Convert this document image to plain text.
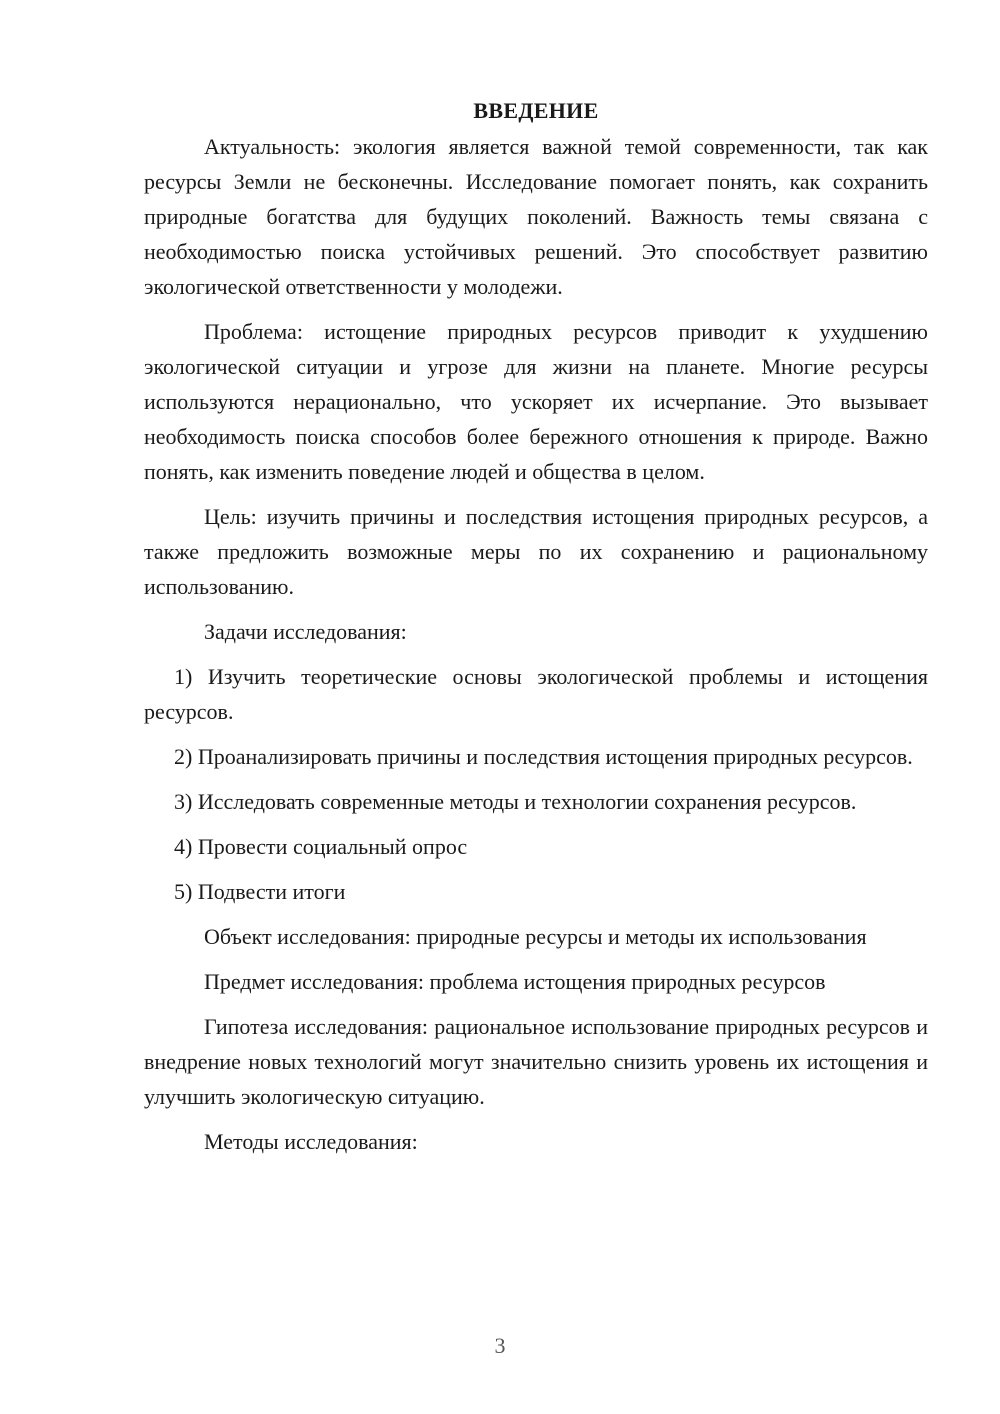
ВВЕДЕНИЕ

Актуальность: экология является важной темой современности, так как ресурсы Земли не бесконечны. Исследование помогает понять, как сохранить природные богатства для будущих поколений. Важность темы связана с необходимостью поиска устойчивых решений. Это способствует развитию экологической ответственности у молодежи.

Проблема: истощение природных ресурсов приводит к ухудшению экологической ситуации и угрозе для жизни на планете. Многие ресурсы используются нерационально, что ускоряет их исчерпание. Это вызывает необходимость поиска способов более бережного отношения к природе. Важно понять, как изменить поведение людей и общества в целом.

Цель: изучить причины и последствия истощения природных ресурсов, а также предложить возможные меры по их сохранению и рациональному использованию.

Задачи исследования:

1) Изучить теоретические основы экологической проблемы и истощения ресурсов.

2) Проанализировать причины и последствия истощения природных ресурсов.

3) Исследовать современные методы и технологии сохранения ресурсов.

4) Провести социальный опрос

5) Подвести итоги

Объект исследования: природные ресурсы и методы их использования

Предмет исследования: проблема истощения природных ресурсов

Гипотеза исследования: рациональное использование природных ресурсов и внедрение новых технологий могут значительно снизить уровень их истощения и улучшить экологическую ситуацию.

Методы исследования:

3
